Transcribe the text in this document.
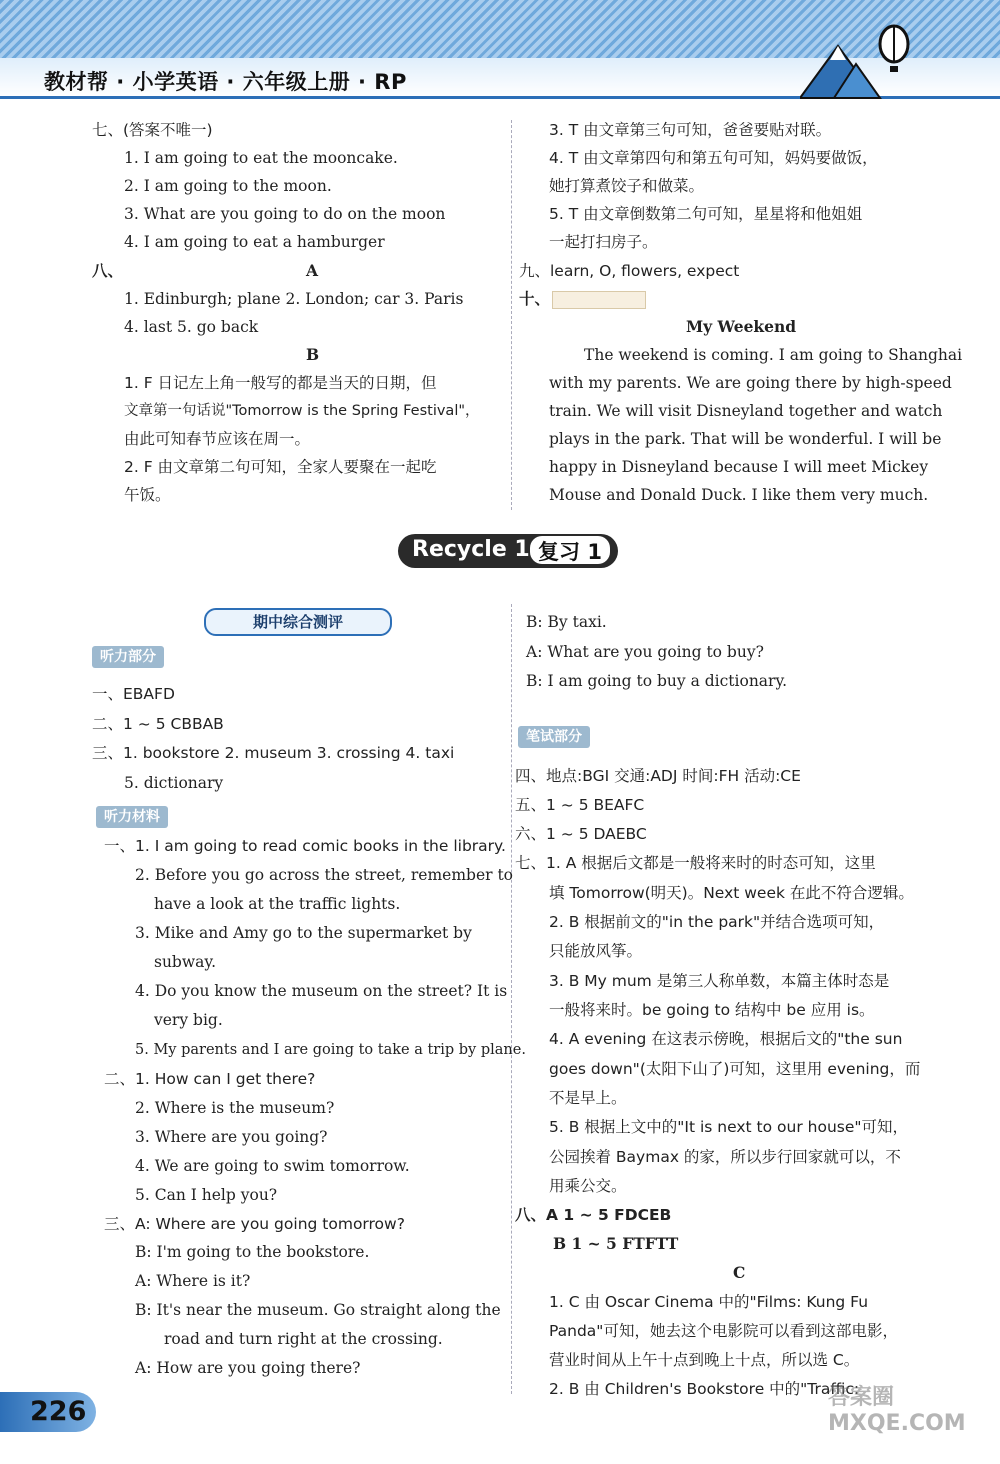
教材帮 · 小学英语 · 六年级上册 · RP
七、(答案不唯一)
1. I am going to eat the mooncake.
2. I am going to the moon.
3. What are you going to do on the moon
4. I am going to eat a hamburger
八、	A
1. Edinburgh; plane 2. London; car 3. Paris
4. last 5. go back
B
1. F 日记左上角一般写的都是当天的日期，但
文章第一句话说"Tomorrow is the Spring Festival"，
由此可知春节应该在周一。
2. F 由文章第二句可知，全家人要聚在一起吃
午饭。
3. T 由文章第三句可知，爸爸要贴对联。
4. T 由文章第四句和第五句可知，妈妈要做饭，
她打算煮饺子和做菜。
5. T 由文章倒数第二句可知，星星将和他姐姐
一起打扫房子。
九、learn, O, flowers, expect
十、
My Weekend
The weekend is coming. I am going to Shanghai
with my parents. We are going there by high-speed
train. We will visit Disneyland together and watch
plays in the park. That will be wonderful. I will be
happy in Disneyland because I will meet Mickey
Mouse and Donald Duck. I like them very much.
Recycle 1 复习 1
期中综合测评
听力部分
听力材料
笔试部分
一、EBAFD
二、1 ~ 5 CBBAB
三、1. bookstore 2. museum 3. crossing 4. taxi
5. dictionary
一、1. I am going to read comic books in the library.
2. Before you go across the street, remember to
have a look at the traffic lights.
3. Mike and Amy go to the supermarket by
subway.
4. Do you know the museum on the street? It is
very big.
5. My parents and I are going to take a trip by plane.
二、1. How can I get there?
2. Where is the museum?
3. Where are you going?
4. We are going to swim tomorrow.
5. Can I help you?
三、A: Where are you going tomorrow?
B: I'm going to the bookstore.
A: Where is it?
B: It's near the museum. Go straight along the
road and turn right at the crossing.
A: How are you going there?
B: By taxi.
A: What are you going to buy?
B: I am going to buy a dictionary.
四、地点:BGI 交通:ADJ 时间:FH 活动:CE
五、1 ~ 5 BEAFC
六、1 ~ 5 DAEBC
七、1. A 根据后文都是一般将来时的时态可知，这里
填 Tomorrow(明天)。Next week 在此不符合逻辑。
2. B 根据前文的"in the park"并结合选项可知，
只能放风筝。
3. B My mum 是第三人称单数，本篇主体时态是
一般将来时。be going to 结构中 be 应用 is。
4. A evening 在这表示傍晚，根据后文的"the sun
goes down"(太阳下山了)可知，这里用 evening，而
不是早上。
5. B 根据上文中的"It is next to our house"可知，
公园挨着 Baymax 的家，所以步行回家就可以，不
用乘公交。
八、A 1 ~ 5 FDCEB
B 1 ~ 5 FTFTT
C
1. C 由 Oscar Cinema 中的"Films: Kung Fu
Panda"可知，她去这个电影院可以看到这部电影，
营业时间从上午十点到晚上十点，所以选 C。
2. B 由 Children's Bookstore 中的"Traffic:
226	答案圈 MXQE.COM
